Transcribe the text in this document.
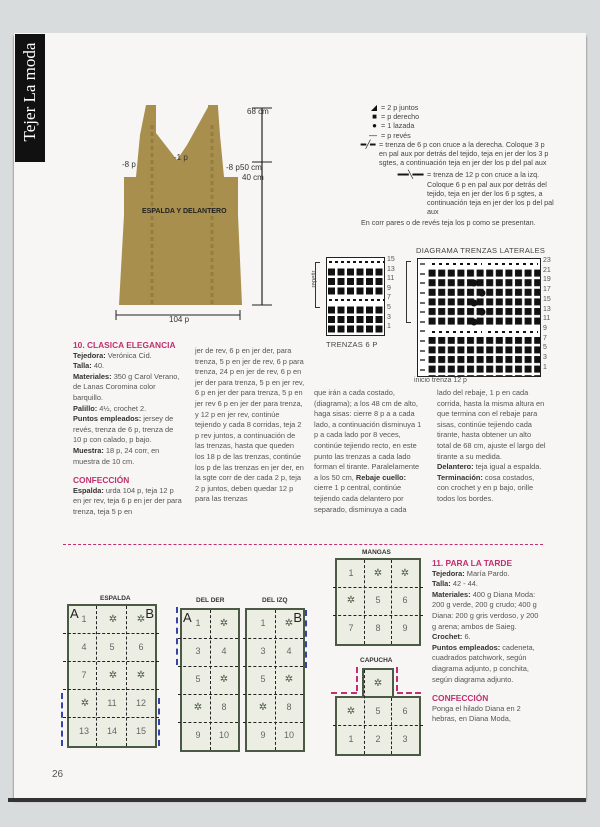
Tejer La moda	68 cm
50 cm
40 cm
104 p
-8 p
-1 p
-8 p
ESPALDA Y DELANTERO
◢ = 2 p juntos
■ = p derecho
● = 1 lazada
— = p revés
▪▪▪╱▪▪▪ = trenza de 6 p con cruce a la derecha. Coloque 3 p en pal aux por detrás del tejido, teja en jer der los 3 p sgtes, a continuación teja en jer der los p del pal aux
▪▪▪▪▪▪╲▪▪▪▪▪▪ = trenza de 12 p con cruce a la izq. Coloque 6 p en pal aux por detrás del tejido, teja en jer der los 6 p sgtes, a continuación teja en jer der los p del pal aux
En corr pares o de revés teja los p como se presentan.
repetir
15
13
11
9
7
5
3
1
TRENZAS 6 P
DIAGRAMA TRENZAS LATERALES
23
21
19
17
15
13
11
9
7
5
3
1
inicio trenza 12 p
10. CLASICA ELEGANCIA
Tejedora: Verónica Cid.
Talla: 40.
Materiales: 350 g Carol Verano, de Lanas Coromina color barquillo.
Palillo: 4½, crochet 2.
Puntos empleados: jersey de revés, trenza de 6 p, trenza de 10 p con calado, p bajo.
Muestra: 18 p, 24 corr, en muestra de 10 cm.
CONFECCIÓN
Espalda: urda 104 p, teja 12 p en jer rev, teja 6 p en jer der para trenza, teja 5 p en
jer de rev, 6 p en jer der, para trenza, 5 p en jer de rev, 6 p para trenza, 24 p en jer de rev, 6 p en jer der para trenza, 5 p en jer rev, 6 p en jer der para trenza, 5 p en jer rev 6 p en jer der para trenza, y 12 p en jer rev, continúe tejiendo y cada 8 corridas, teja 2 p rev juntos, a continuación de las trenzas, hasta que queden los 18 p de las trenzas, continúe los p de las trenzas en jer der, en la sgte corr de der cada 2 p, teja 2 p juntos, deben quedar 12 p para las trenzas
que irán a cada costado, (diagrama); a los 48 cm de alto, haga sisas: cierre 8 p a a cada lado, a continuación disminuya 1 p a cada lado por 8 veces, continúe tejiendo recto, en este punto las trenzas a cada lado forman el tirante. Paralelamente a los 50 cm, Rebaje cuello: cierre 1 p central, continúe tejiendo cada delantero por separado, disminuya a cada
lado del rebaje, 1 p en cada corrida, hasta la misma altura en que termina con el rebaje para sisas, continúe tejiendo cada tirante, hasta obtener un alto total de 68 cm, ajuste el largo del tirante a su medida.
Delantero: teja igual a espalda.
Terminación: cosa costados, con crochet y en p bajo, orille todos los bordes.
ESPALDA
A	B
1	✲	✲
4	5	6
7	✲	✲
✲	11	12
13	14	15
DEL DER
A 1	✲
3	4
5	✲
✲	8
9	10
DEL IZQ
B
1	✲
3	4
5	✲
✲	8
9	10
MANGAS
1	✲	✲
✲	5	6
7	8	9
CAPUCHA
✲
✲	5	6
1	2	3
11. PARA LA TARDE
Tejedora: María Pardo.
Talla: 42 - 44.
Materiales: 400 g Diana Moda: 200 g verde, 200 g crudo; 400 g Diana: 200 g gris verdoso, y 200 g arena; ambos de Saieg.
Crochet: 6.
Puntos empleados: cadeneta, cuadrados patchwork, según diagrama adjunto, p conchita, según diagrama adjunto.
CONFECCIÓN
Ponga el hilado Diana en 2 hebras, en Diana Moda,
26
